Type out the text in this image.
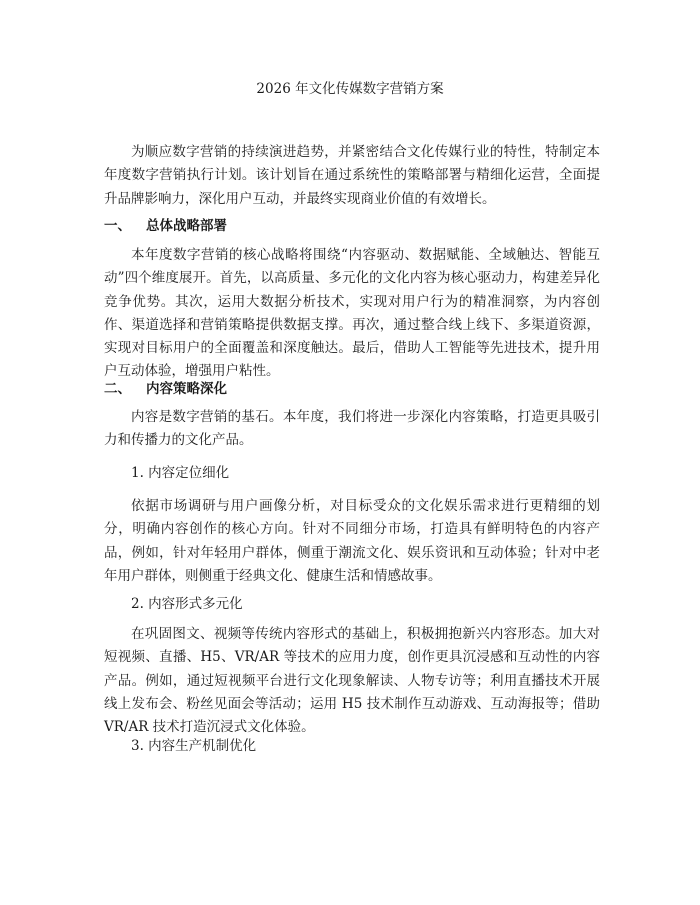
2026 年文化传媒数字营销方案

为顺应数字营销的持续演进趋势，并紧密结合文化传媒行业的特性，特制定本年度数字营销执行计划。该计划旨在通过系统性的策略部署与精细化运营，全面提升品牌影响力，深化用户互动，并最终实现商业价值的有效增长。

一、 总体战略部署

本年度数字营销的核心战略将围绕“内容驱动、数据赋能、全域触达、智能互动”四个维度展开。首先，以高质量、多元化的文化内容为核心驱动力，构建差异化竞争优势。其次，运用大数据分析技术，实现对用户行为的精准洞察，为内容创作、渠道选择和营销策略提供数据支撑。再次，通过整合线上线下、多渠道资源，实现对目标用户的全面覆盖和深度触达。最后，借助人工智能等先进技术，提升用户互动体验，增强用户粘性。

二、 内容策略深化

内容是数字营销的基石。本年度，我们将进一步深化内容策略，打造更具吸引力和传播力的文化产品。

1. 内容定位细化

依据市场调研与用户画像分析，对目标受众的文化娱乐需求进行更精细的划分，明确内容创作的核心方向。针对不同细分市场，打造具有鲜明特色的内容产品，例如，针对年轻用户群体，侧重于潮流文化、娱乐资讯和互动体验；针对中老年用户群体，则侧重于经典文化、健康生活和情感故事。

2. 内容形式多元化

在巩固图文、视频等传统内容形式的基础上，积极拥抱新兴内容形态。加大对短视频、直播、H5、VR/AR 等技术的应用力度，创作更具沉浸感和互动性的内容产品。例如，通过短视频平台进行文化现象解读、人物专访等；利用直播技术开展线上发布会、粉丝见面会等活动；运用 H5 技术制作互动游戏、互动海报等；借助 VR/AR 技术打造沉浸式文化体验。

3. 内容生产机制优化
